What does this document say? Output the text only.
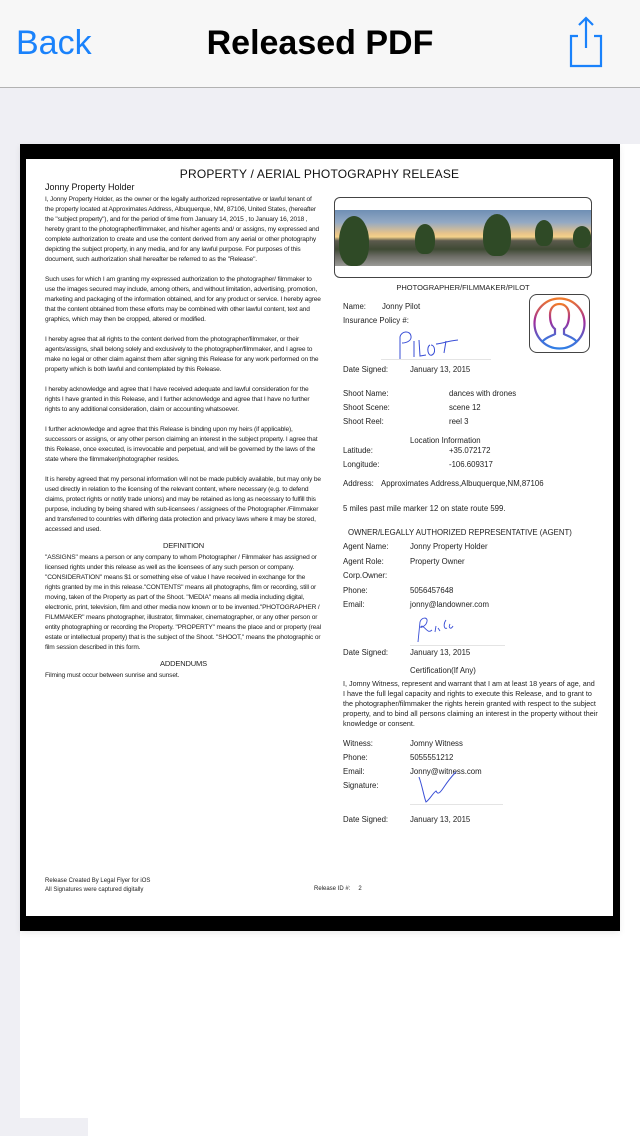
Back	Released PDF
PROPERTY / AERIAL PHOTOGRAPHY RELEASE
Jonny Property Holder

I, Jonny Property Holder, as the owner or the legally authorized representative or lawful tenant of the property located at Approximates Address, Albuquerque, NM, 87106, United States, (hereafter the "subject property"), and for the period of time from January 14, 2015 , to January 16, 2018 , hereby grant to the photographer/filmmaker, and his/her agents and/ or assigns, my expressed and complete authorization to create and use the content derived from any aerial or other photography depicting the subject property, in any media, and for any lawful purpose. For purposes of this document, such authorization shall hereafter be referred to as the "Release".

Such uses for which I am granting my expressed authorization to the photographer/ filmmaker to use the images secured may include, among others, and without limitation, advertising, promotion, marketing and packaging of the information obtained, and for any product or service. I hereby agree that the content obtained from these efforts may be combined with other lawful content, text and graphics, which may then be cropped, altered or modified.

I hereby agree that all rights to the content derived from the photographer/filmmaker, or their agents/assigns, shall belong solely and exclusively to the photographer/filmmaker, and I agree to make no legal or other claim against them after signing this Release for any work performed on the property which is both lawful and contemplated by this Release.

I hereby acknowledge and agree that I have received adequate and lawful consideration for the rights I have granted in this Release, and I further acknowledge and agree that I have no further rights to any additional consideration, claim or accounting whatsoever.

I further acknowledge and agree that this Release is binding upon my heirs (if applicable), successors or assigns, or any other person claiming an interest in the subject property. I agree that this Release, once executed, is irrevocable and perpetual, and will be governed by the laws of the state where the filmmaker/photographer resides.

It is hereby agreed that my personal information will not be made publicly available, but may only be used directly in relation to the licensing of the relevant content, where necessary (e.g. to defend claims, protect rights or notify trade unions) and may be retained as long as necessary to fulfill this purpose, including by being shared with sub-licensees / assignees of the Photographer /Filmmaker and transferred to countries with differing data protection and privacy laws where it may be stored, accessed and used.

DEFINITION

"ASSIGNS" means a person or any company to whom Photographer / Filmmaker has assigned or licensed rights under this release as well as the licensees of any such person or company. "CONSIDERATION" means $1 or something else of value I have received in exchange for the rights granted by me in this release."CONTENTS" means all photographs, film or recording, still or moving, taken of the Property as part of the Shoot. "MEDIA" means all media including digital, electronic, print, television, film and other media now known or to be invented."PHOTOGRAPHER / FILMMAKER" means photographer, illustrator, filmmaker, cinematographer, or any other person or entity photographing or recording the Property. "PROPERTY" means the place and or property (real estate or intellectual property) that is the subject of the Shoot. "SHOOT," means the photographic or film session described in this form.

ADDENDUMS

Filming must occur between sunrise and sunset.

Release Created By Legal Flyer for iOS
All Signatures were captured digitally	Release ID #: 2
PHOTOGRAPHER/FILMMAKER/PILOT
Name: Jonny Pilot
Insurance Policy #:
Date Signed:	January 13, 2015
Shoot Name:	dances with drones
Shoot Scene:	scene 12
Shoot Reel:	reel 3
Location Information
Latitude:	+35.072172
Longitude:	-106.609317
Address: Approximates Address,Albuquerque,NM,87106
5 miles past mile marker 12 on state route 599.
OWNER/LEGALLY AUTHORIZED REPRESENTATIVE (AGENT)
Agent Name:	Jonny Property Holder
Agent Role:	Property Owner
Corp.Owner:
Phone:	5056457648
Email:	jonny@landowner.com
Date Signed:	January 13, 2015
Certification(If Any)
I, Jomny Witness, represent and warrant that I am at least 18 years of age, and I have the full legal capacity and rights to execute this Release, and to grant to the photographer/filmmaker the rights herein granted with respect to the subject property, and to bind all persons claiming an interest in the property without their knowledge or consent.
Witness:	Jomny Witness
Phone:	5055551212
Email:	Jonny@witness.com
Signature:
Date Signed:	January 13, 2015
